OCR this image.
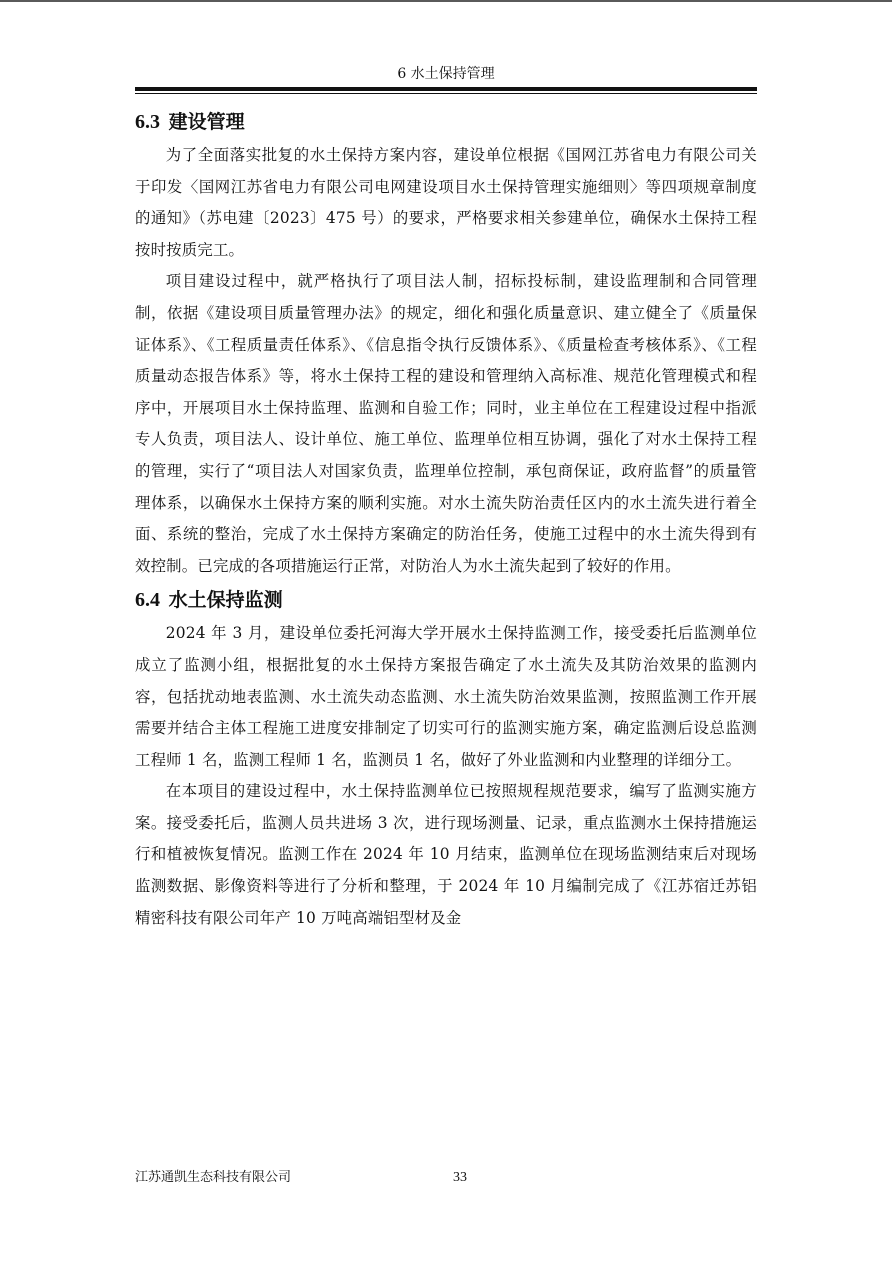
6 水土保持管理
6.3 建设管理

为了全面落实批复的水土保持方案内容，建设单位根据《国网江苏省电力有限公司关于印发〈国网江苏省电力有限公司电网建设项目水土保持管理实施细则〉等四项规章制度的通知》（苏电建〔2023〕475 号）的要求，严格要求相关参建单位，确保水土保持工程按时按质完工。

项目建设过程中，就严格执行了项目法人制，招标投标制，建设监理制和合同管理制，依据《建设项目质量管理办法》的规定，细化和强化质量意识、建立健全了《质量保证体系》、《工程质量责任体系》、《信息指令执行反馈体系》、《质量检查考核体系》、《工程质量动态报告体系》等，将水土保持工程的建设和管理纳入高标准、规范化管理模式和程序中，开展项目水土保持监理、监测和自验工作；同时，业主单位在工程建设过程中指派专人负责，项目法人、设计单位、施工单位、监理单位相互协调，强化了对水土保持工程的管理，实行了“项目法人对国家负责，监理单位控制，承包商保证，政府监督”的质量管理体系，以确保水土保持方案的顺利实施。对水土流失防治责任区内的水土流失进行着全面、系统的整治，完成了水土保持方案确定的防治任务，使施工过程中的水土流失得到有效控制。已完成的各项措施运行正常，对防治人为水土流失起到了较好的作用。

6.4 水土保持监测

2024 年 3 月，建设单位委托河海大学开展水土保持监测工作，接受委托后监测单位成立了监测小组，根据批复的水土保持方案报告确定了水土流失及其防治效果的监测内容，包括扰动地表监测、水土流失动态监测、水土流失防治效果监测，按照监测工作开展需要并结合主体工程施工进度安排制定了切实可行的监测实施方案，确定监测后设总监测工程师 1 名，监测工程师 1 名，监测员 1 名，做好了外业监测和内业整理的详细分工。

在本项目的建设过程中，水土保持监测单位已按照规程规范要求，编写了监测实施方案。接受委托后，监测人员共进场 3 次，进行现场测量、记录，重点监测水土保持措施运行和植被恢复情况。监测工作在 2024 年 10 月结束，监测单位在现场监测结束后对现场监测数据、影像资料等进行了分析和整理，于 2024 年 10 月编制完成了《江苏宿迁苏铝精密科技有限公司年产 10 万吨高端铝型材及金

江苏通凯生态科技有限公司	33
